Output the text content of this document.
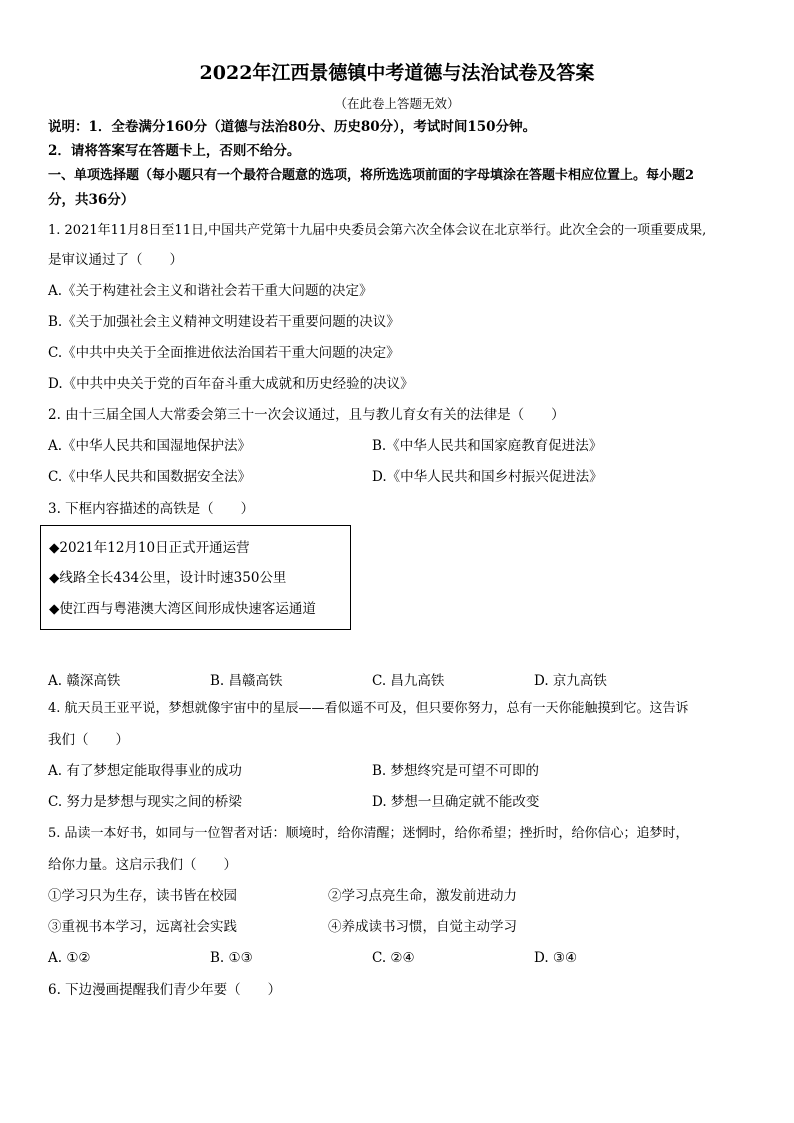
2022年江西景德镇中考道德与法治试卷及答案
（在此卷上答题无效）
说明：1．全卷满分160分（道德与法治80分、历史80分），考试时间150分钟。
2．请将答案写在答题卡上，否则不给分。
一、单项选择题（每小题只有一个最符合题意的选项，将所选选项前面的字母填涂在答题卡相应位置上。每小题2
分，共36分）
1. 2021年11月8日至11日,中国共产党第十九届中央委员会第六次全体会议在北京举行。此次全会的一项重要成果,
是审议通过了（　　）
A.《关于构建社会主义和谐社会若干重大问题的决定》
B.《关于加强社会主义精神文明建设若干重要问题的决议》
C.《中共中央关于全面推进依法治国若干重大问题的决定》
D.《中共中央关于党的百年奋斗重大成就和历史经验的决议》
2. 由十三届全国人大常委会第三十一次会议通过，且与教儿育女有关的法律是（　　）
A.《中华人民共和国湿地保护法》	B.《中华人民共和国家庭教育促进法》
C.《中华人民共和国数据安全法》	D.《中华人民共和国乡村振兴促进法》
3. 下框内容描述的高铁是（　　）
◆2021年12月10日正式开通运营
◆线路全长434公里，设计时速350公里
◆使江西与粤港澳大湾区间形成快速客运通道
A. 赣深高铁	B. 昌赣高铁	C. 昌九高铁	D. 京九高铁
4. 航天员王亚平说，梦想就像宇宙中的星辰——看似遥不可及，但只要你努力，总有一天你能触摸到它。这告诉
我们（　　）
A. 有了梦想定能取得事业的成功	B. 梦想终究是可望不可即的
C. 努力是梦想与现实之间的桥梁	D. 梦想一旦确定就不能改变
5. 品读一本好书，如同与一位智者对话：顺境时，给你清醒；迷惘时，给你希望；挫折时，给你信心；追梦时，
给你力量。这启示我们（　　）
①学习只为生存，读书皆在校园	②学习点亮生命，激发前进动力
③重视书本学习，远离社会实践	④养成读书习惯，自觉主动学习
A. ①②	B. ①③	C. ②④	D. ③④
6. 下边漫画提醒我们青少年要（　　）
